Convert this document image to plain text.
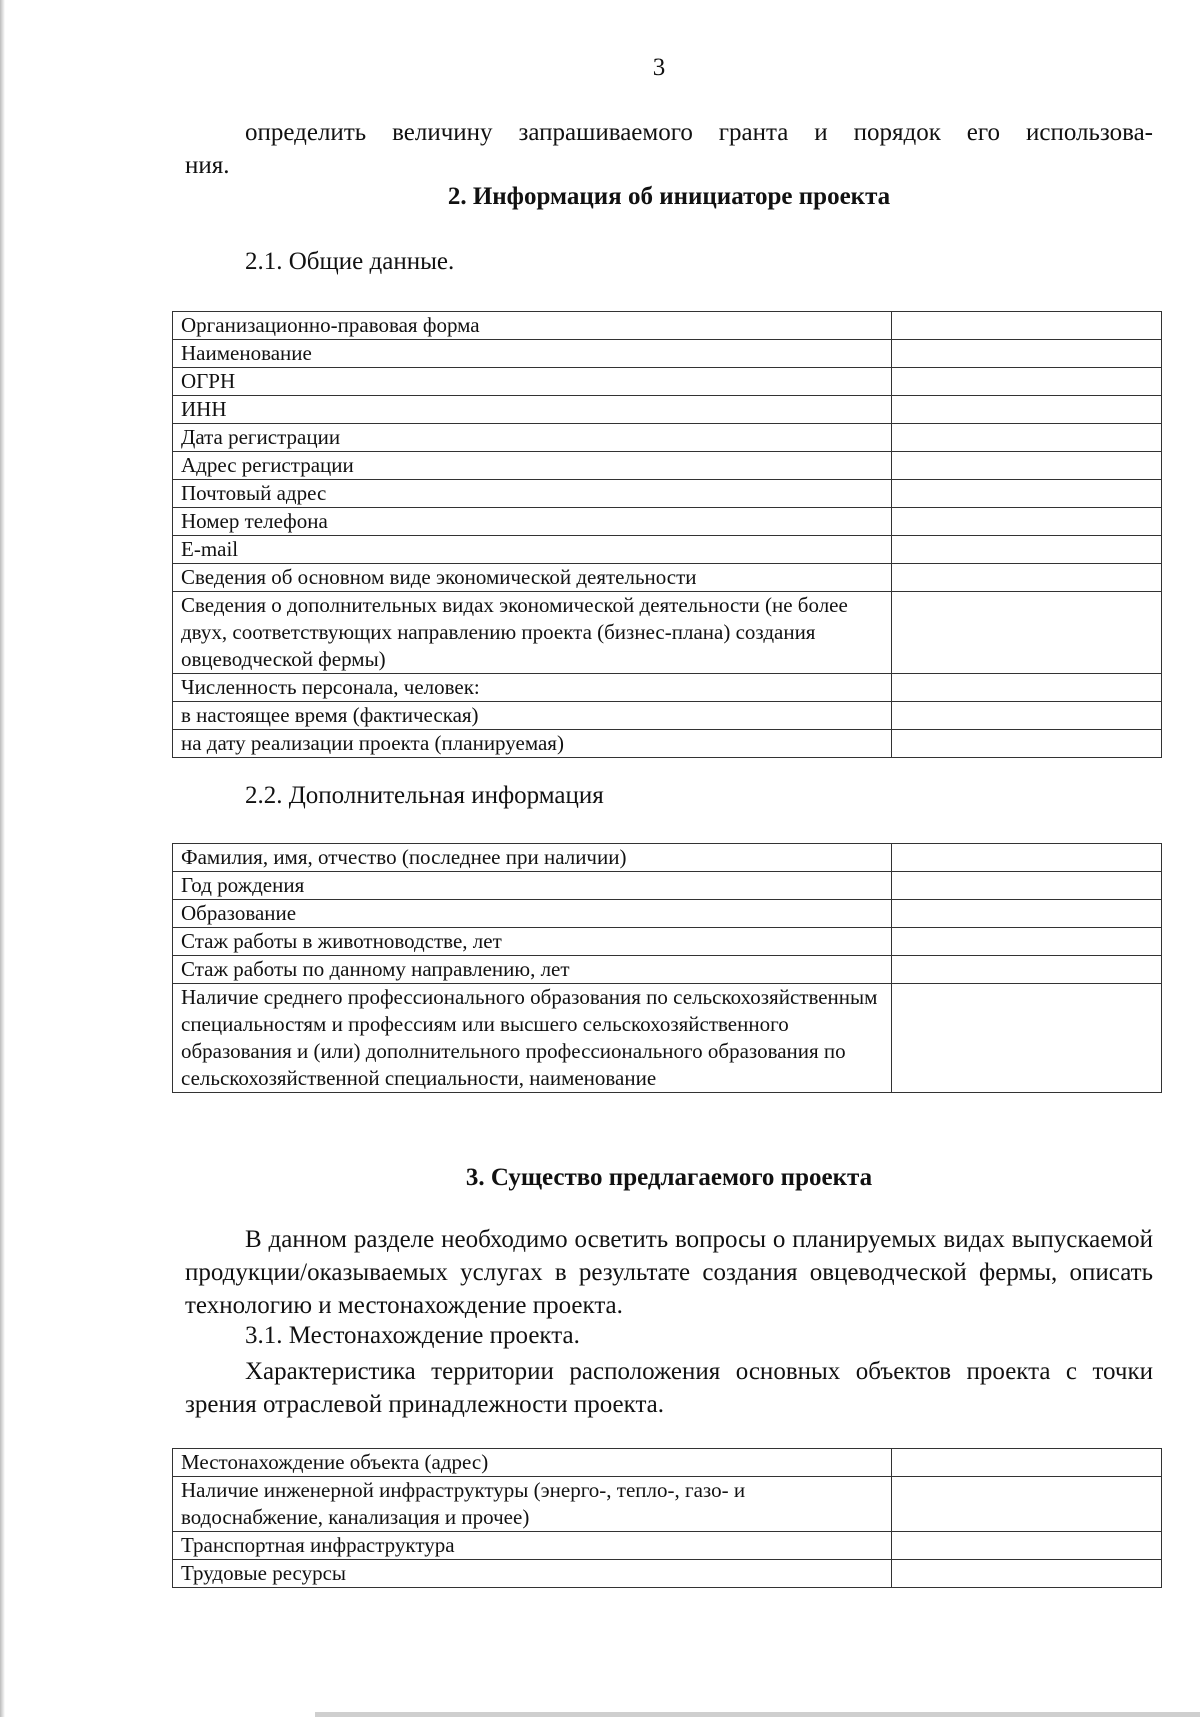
3

определить величину запрашиваемого гранта и порядок его использова-
ния.

2. Информация об инициаторе проекта

2.1. Общие данные.

Организационно-правовая форма	
Наименование	
ОГРН	
ИНН	
Дата регистрации	
Адрес регистрации	
Почтовый адрес	
Номер телефона	
E-mail	
Сведения об основном виде экономической деятельности	
Сведения о дополнительных видах экономической деятельности (не более двух, соответствующих направлению проекта (бизнес-плана) создания овцеводческой фермы)	
Численность персонала, человек:	
в настоящее время (фактическая)	
на дату реализации проекта (планируемая)	

2.2. Дополнительная информация

Фамилия, имя, отчество (последнее при наличии)	
Год рождения	
Образование	
Стаж работы в животноводстве, лет	
Стаж работы по данному направлению, лет	
Наличие среднего профессионального образования по сельскохозяйственным специальностям и профессиям или высшего сельскохозяйственного образования и (или) дополнительного профессионального образования по сельскохозяйственной специальности, наименование	
3. Существо предлагаемого проекта

В данном разделе необходимо осветить вопросы о планируемых видах выпускаемой продукции/оказываемых услугах в результате создания овцеводческой фермы, описать технологию и местонахождение проекта.

3.1. Местонахождение проекта.

Характеристика территории расположения основных объектов проекта с точки зрения отраслевой принадлежности проекта.

Местонахождение объекта (адрес)	
Наличие инженерной инфраструктуры (энерго-, тепло-, газо- и водоснабжение, канализация и прочее)	
Транспортная инфраструктура	
Трудовые ресурсы	
